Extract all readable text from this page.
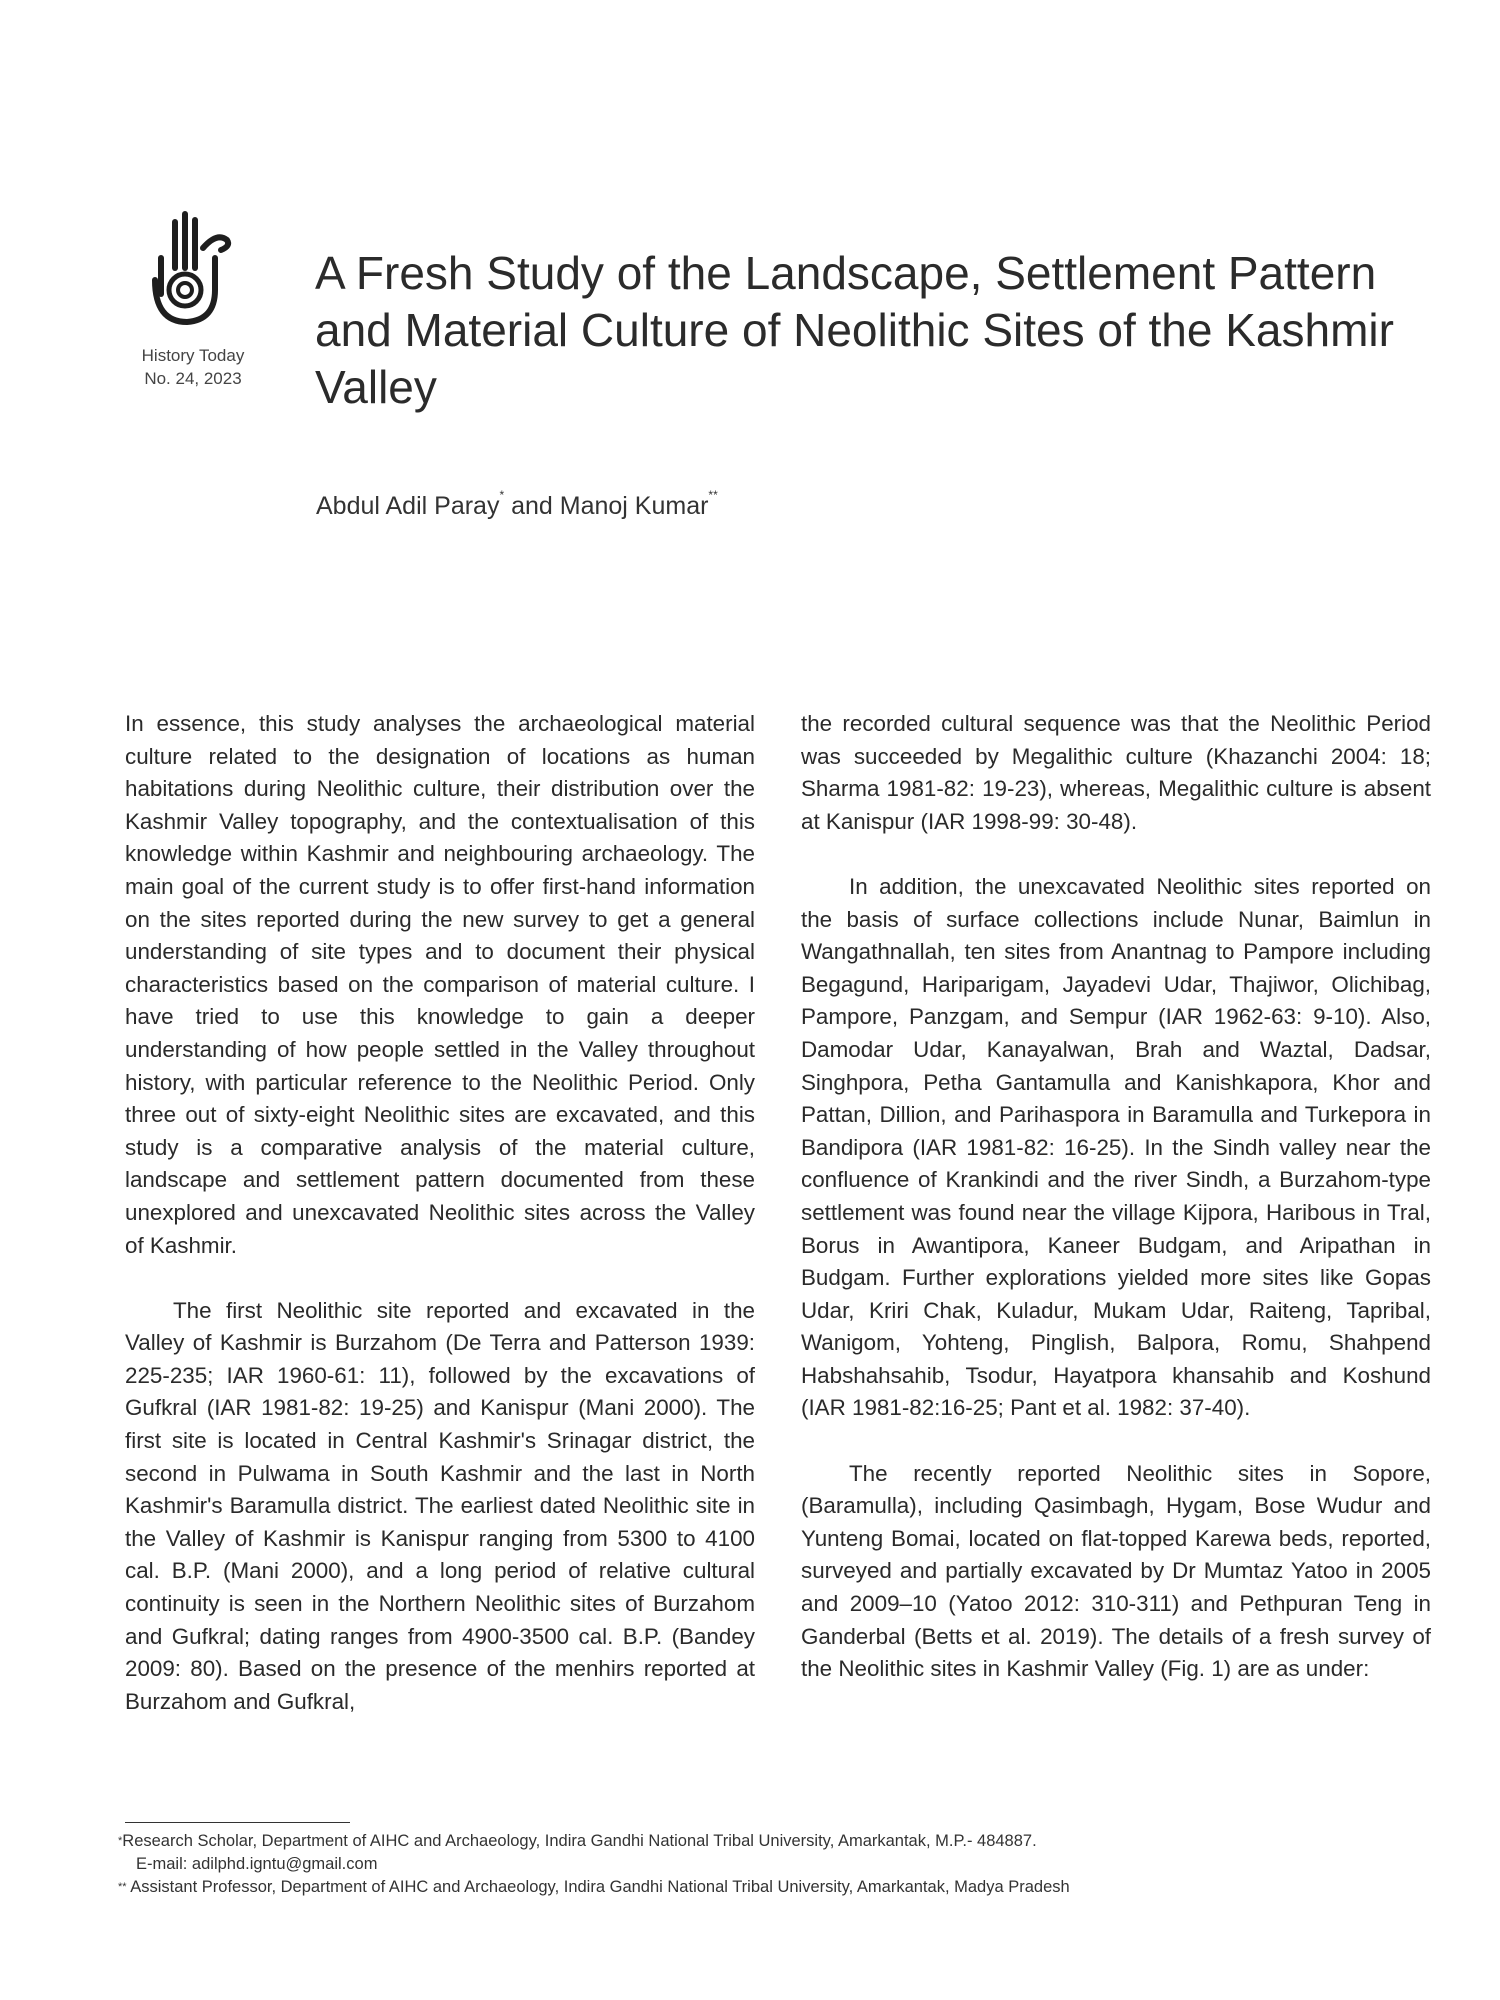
History Today
No. 24, 2023
A Fresh Study of the Landscape, Settlement Pattern and Material Culture of Neolithic Sites of the Kashmir Valley
Abdul Adil Paray* and Manoj Kumar**

In essence, this study analyses the archaeological material culture related to the designation of locations as human habitations during Neolithic culture, their distribution over the Kashmir Valley topography, and the contextualisation of this knowledge within Kashmir and neighbouring archaeology. The main goal of the current study is to offer first-hand information on the sites reported during the new survey to get a general understanding of site types and to document their physical characteristics based on the comparison of material culture. I have tried to use this knowledge to gain a deeper understanding of how people settled in the Valley throughout history, with particular reference to the Neolithic Period. Only three out of sixty-eight Neolithic sites are excavated, and this study is a comparative analysis of the material culture, landscape and settlement pattern documented from these unexplored and unexcavated Neolithic sites across the Valley of Kashmir.

The first Neolithic site reported and excavated in the Valley of Kashmir is Burzahom (De Terra and Patterson 1939: 225-235; IAR 1960-61: 11), followed by the excavations of Gufkral (IAR 1981-82: 19-25) and Kanispur (Mani 2000). The first site is located in Central Kashmir's Srinagar district, the second in Pulwama in South Kashmir and the last in North Kashmir's Baramulla district. The earliest dated Neolithic site in the Valley of Kashmir is Kanispur ranging from 5300 to 4100 cal. B.P. (Mani 2000), and a long period of relative cultural continuity is seen in the Northern Neolithic sites of Burzahom and Gufkral; dating ranges from 4900-3500 cal. B.P. (Bandey 2009: 80). Based on the presence of the menhirs reported at Burzahom and Gufkral,

the recorded cultural sequence was that the Neolithic Period was succeeded by Megalithic culture (Khazanchi 2004: 18; Sharma 1981-82: 19-23), whereas, Megalithic culture is absent at Kanispur (IAR 1998-99: 30-48).

In addition, the unexcavated Neolithic sites reported on the basis of surface collections include Nunar, Baimlun in Wangathnallah, ten sites from Anantnag to Pampore including Begagund, Hariparigam, Jayadevi Udar, Thajiwor, Olichibag, Pampore, Panzgam, and Sempur (IAR 1962-63: 9-10). Also, Damodar Udar, Kanayalwan, Brah and Waztal, Dadsar, Singhpora, Petha Gantamulla and Kanishkapora, Khor and Pattan, Dillion, and Parihaspora in Baramulla and Turkepora in Bandipora (IAR 1981-82: 16-25). In the Sindh valley near the confluence of Krankindi and the river Sindh, a Burzahom-type settlement was found near the village Kijpora, Haribous in Tral, Borus in Awantipora, Kaneer Budgam, and Aripathan in Budgam. Further explorations yielded more sites like Gopas Udar, Kriri Chak, Kuladur, Mukam Udar, Raiteng, Tapribal, Wanigom, Yohteng, Pinglish, Balpora, Romu, Shahpend Habshahsahib, Tsodur, Hayatpora khansahib and Koshund (IAR 1981-82:16-25; Pant et al. 1982: 37-40).

The recently reported Neolithic sites in Sopore, (Baramulla), including Qasimbagh, Hygam, Bose Wudur and Yunteng Bomai, located on flat-topped Karewa beds, reported, surveyed and partially excavated by Dr Mumtaz Yatoo in 2005 and 2009–10 (Yatoo 2012: 310-311) and Pethpuran Teng in Ganderbal (Betts et al. 2019). The details of a fresh survey of the Neolithic sites in Kashmir Valley (Fig. 1) are as under:

*Research Scholar, Department of AIHC and Archaeology, Indira Gandhi National Tribal University, Amarkantak, M.P.- 484887.
E-mail: adilphd.igntu@gmail.com
** Assistant Professor, Department of AIHC and Archaeology, Indira Gandhi National Tribal University, Amarkantak, Madya Pradesh
